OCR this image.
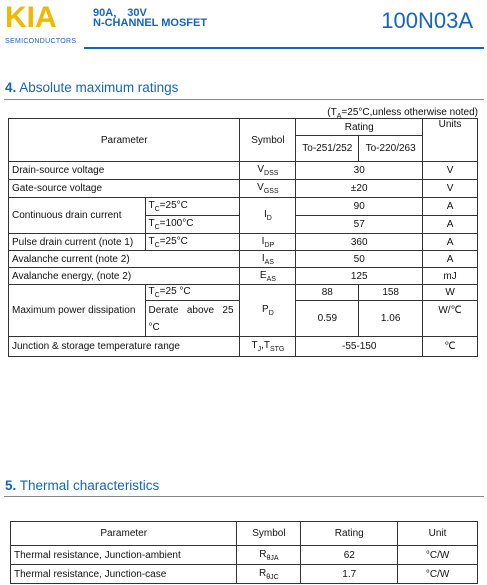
KIA
SEMICONDUCTORS
90A， 30V
N-CHANNEL MOSFET	100N03A
4. Absolute maximum ratings
($T_A=25^\circ C,unless$ otherwise noted)
Parameter		Symbol	Rating		Units
			To-251/252	To-220/263	
Drain-source voltage		$V_{DSS}$	30		V
Gate-source voltage		$V_{GSS}$	±20		V
Continuous drain current	$T_C=25^\circ C$	$I_D$	90		A
	$T_C=100^\circ C$		57		A
Pulse drain current (note 1)	$T_C=25^\circ C$	$I_{DP}$	360		A
Avalanche current (note 2)		$I_{AS}$	50		A
Avalanche energy, (note 2)		$E_{AS}$	125		mJ
Maximum power dissipation	$T_C=25$ °C	$P_D$	88	158	W
	Derate   above   25
°C		0.59	1.06	W/℃
Junction & storage temperature range		$T_J,T_{STG}$	-55-150		℃
5. Thermal characteristics
Parameter	Symbol	Rating	Unit
Thermal resistance, Junction-ambient	$R_{\theta JA}$	62	°C/W
Thermal resistance, Junction-case	$R_{\theta JC}$	1.7	°C/W
